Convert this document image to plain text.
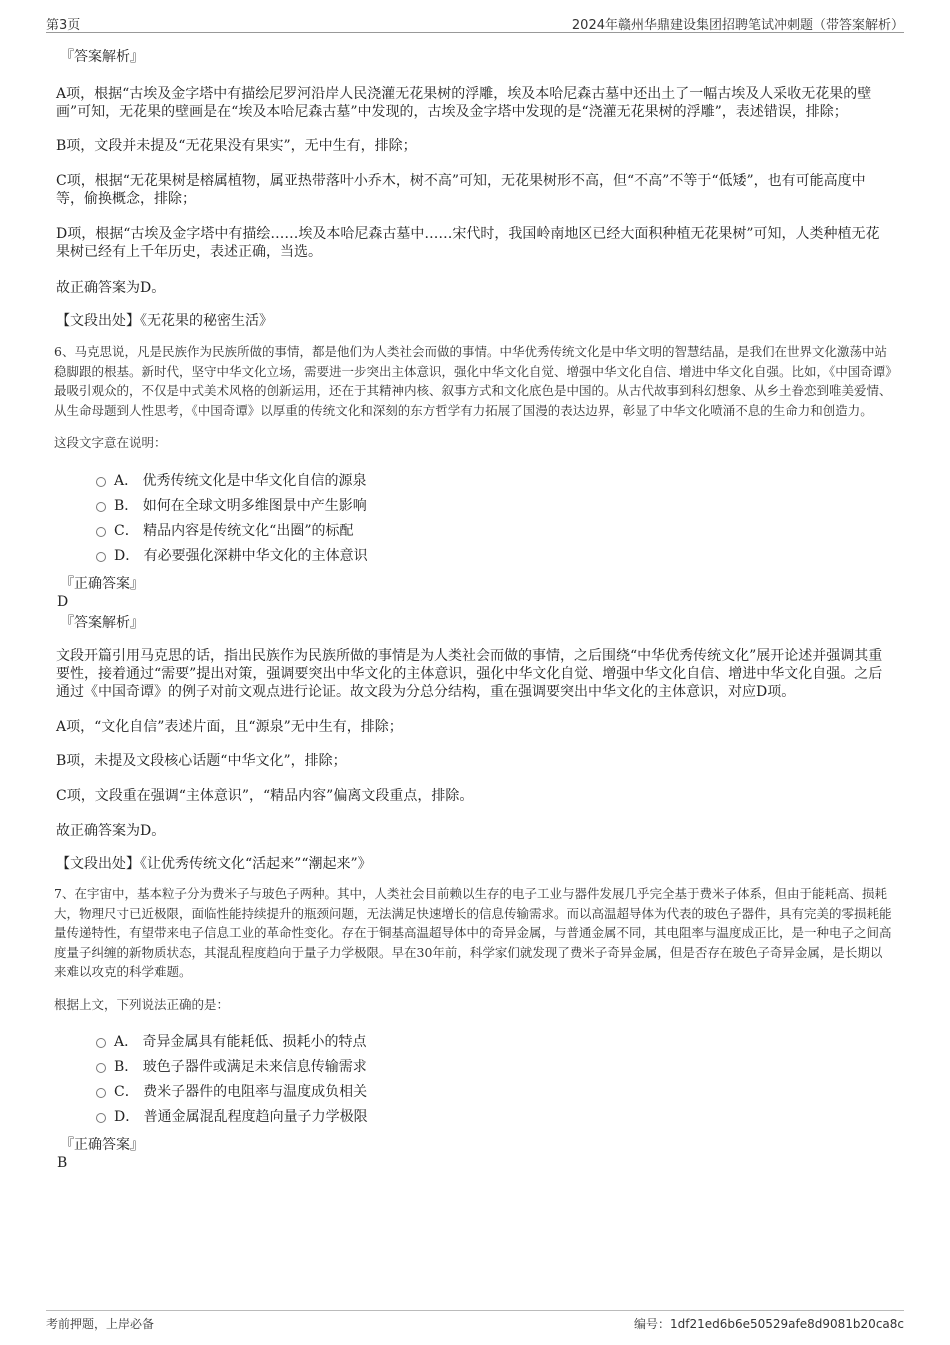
第3页	2024年赣州华鼎建设集团招聘笔试冲刺题（带答案解析）
『答案解析』

A项，根据“古埃及金字塔中有描绘尼罗河沿岸人民浇灌无花果树的浮雕，埃及本哈尼森古墓中还出土了一幅古埃及人采收无花果的壁画”可知，无花果的壁画是在“埃及本哈尼森古墓”中发现的，古埃及金字塔中发现的是“浇灌无花果树的浮雕”，表述错误，排除；

B项，文段并未提及“无花果没有果实”，无中生有，排除；

C项，根据“无花果树是榕属植物，属亚热带落叶小乔木，树不高”可知，无花果树形不高，但“不高”不等于“低矮”，也有可能高度中等，偷换概念，排除；

D项，根据“古埃及金字塔中有描绘……埃及本哈尼森古墓中……宋代时，我国岭南地区已经大面积种植无花果树”可知，人类种植无花果树已经有上千年历史，表述正确，当选。

故正确答案为D。

【文段出处】《无花果的秘密生活》

6、马克思说，凡是民族作为民族所做的事情，都是他们为人类社会而做的事情。中华优秀传统文化是中华文明的智慧结晶，是我们在世界文化激荡中站稳脚跟的根基。新时代，坚守中华文化立场，需要进一步突出主体意识，强化中华文化自觉、增强中华文化自信、增进中华文化自强。比如，《中国奇谭》最吸引观众的，不仅是中式美术风格的创新运用，还在于其精神内核、叙事方式和文化底色是中国的。从古代故事到科幻想象、从乡土眷恋到唯美爱情、从生命母题到人性思考，《中国奇谭》以厚重的传统文化和深刻的东方哲学有力拓展了国漫的表达边界，彰显了中华文化喷涌不息的生命力和创造力。

这段文字意在说明：
A． 优秀传统文化是中华文化自信的源泉
B． 如何在全球文明多维图景中产生影响
C． 精品内容是传统文化“出圈”的标配
D． 有必要强化深耕中华文化的主体意识
『正确答案』
D
『答案解析』

文段开篇引用马克思的话，指出民族作为民族所做的事情是为人类社会而做的事情，之后围绕“中华优秀传统文化”展开论述并强调其重要性，接着通过“需要”提出对策，强调要突出中华文化的主体意识，强化中华文化自觉、增强中华文化自信、增进中华文化自强。之后通过《中国奇谭》的例子对前文观点进行论证。故文段为分总分结构，重在强调要突出中华文化的主体意识，对应D项。

A项，“文化自信”表述片面，且“源泉”无中生有，排除；

B项，未提及文段核心话题“中华文化”，排除；

C项，文段重在强调“主体意识”，“精品内容”偏离文段重点，排除。

故正确答案为D。

【文段出处】《让优秀传统文化“活起来”“潮起来”》

7、在宇宙中，基本粒子分为费米子与玻色子两种。其中，人类社会目前赖以生存的电子工业与器件发展几乎完全基于费米子体系，但由于能耗高、损耗大，物理尺寸已近极限，面临性能持续提升的瓶颈问题，无法满足快速增长的信息传输需求。而以高温超导体为代表的玻色子器件，具有完美的零损耗能量传递特性，有望带来电子信息工业的革命性变化。存在于铜基高温超导体中的奇异金属，与普通金属不同，其电阻率与温度成正比，是一种电子之间高度量子纠缠的新物质状态，其混乱程度趋向于量子力学极限。早在30年前，科学家们就发现了费米子奇异金属，但是否存在玻色子奇异金属，是长期以来难以攻克的科学难题。

根据上文，下列说法正确的是：
A． 奇异金属具有能耗低、损耗小的特点
B． 玻色子器件或满足未来信息传输需求
C． 费米子器件的电阻率与温度成负相关
D． 普通金属混乱程度趋向量子力学极限
『正确答案』
B
考前押题，上岸必备	编号：1df21ed6b6e50529afe8d9081b20ca8c
